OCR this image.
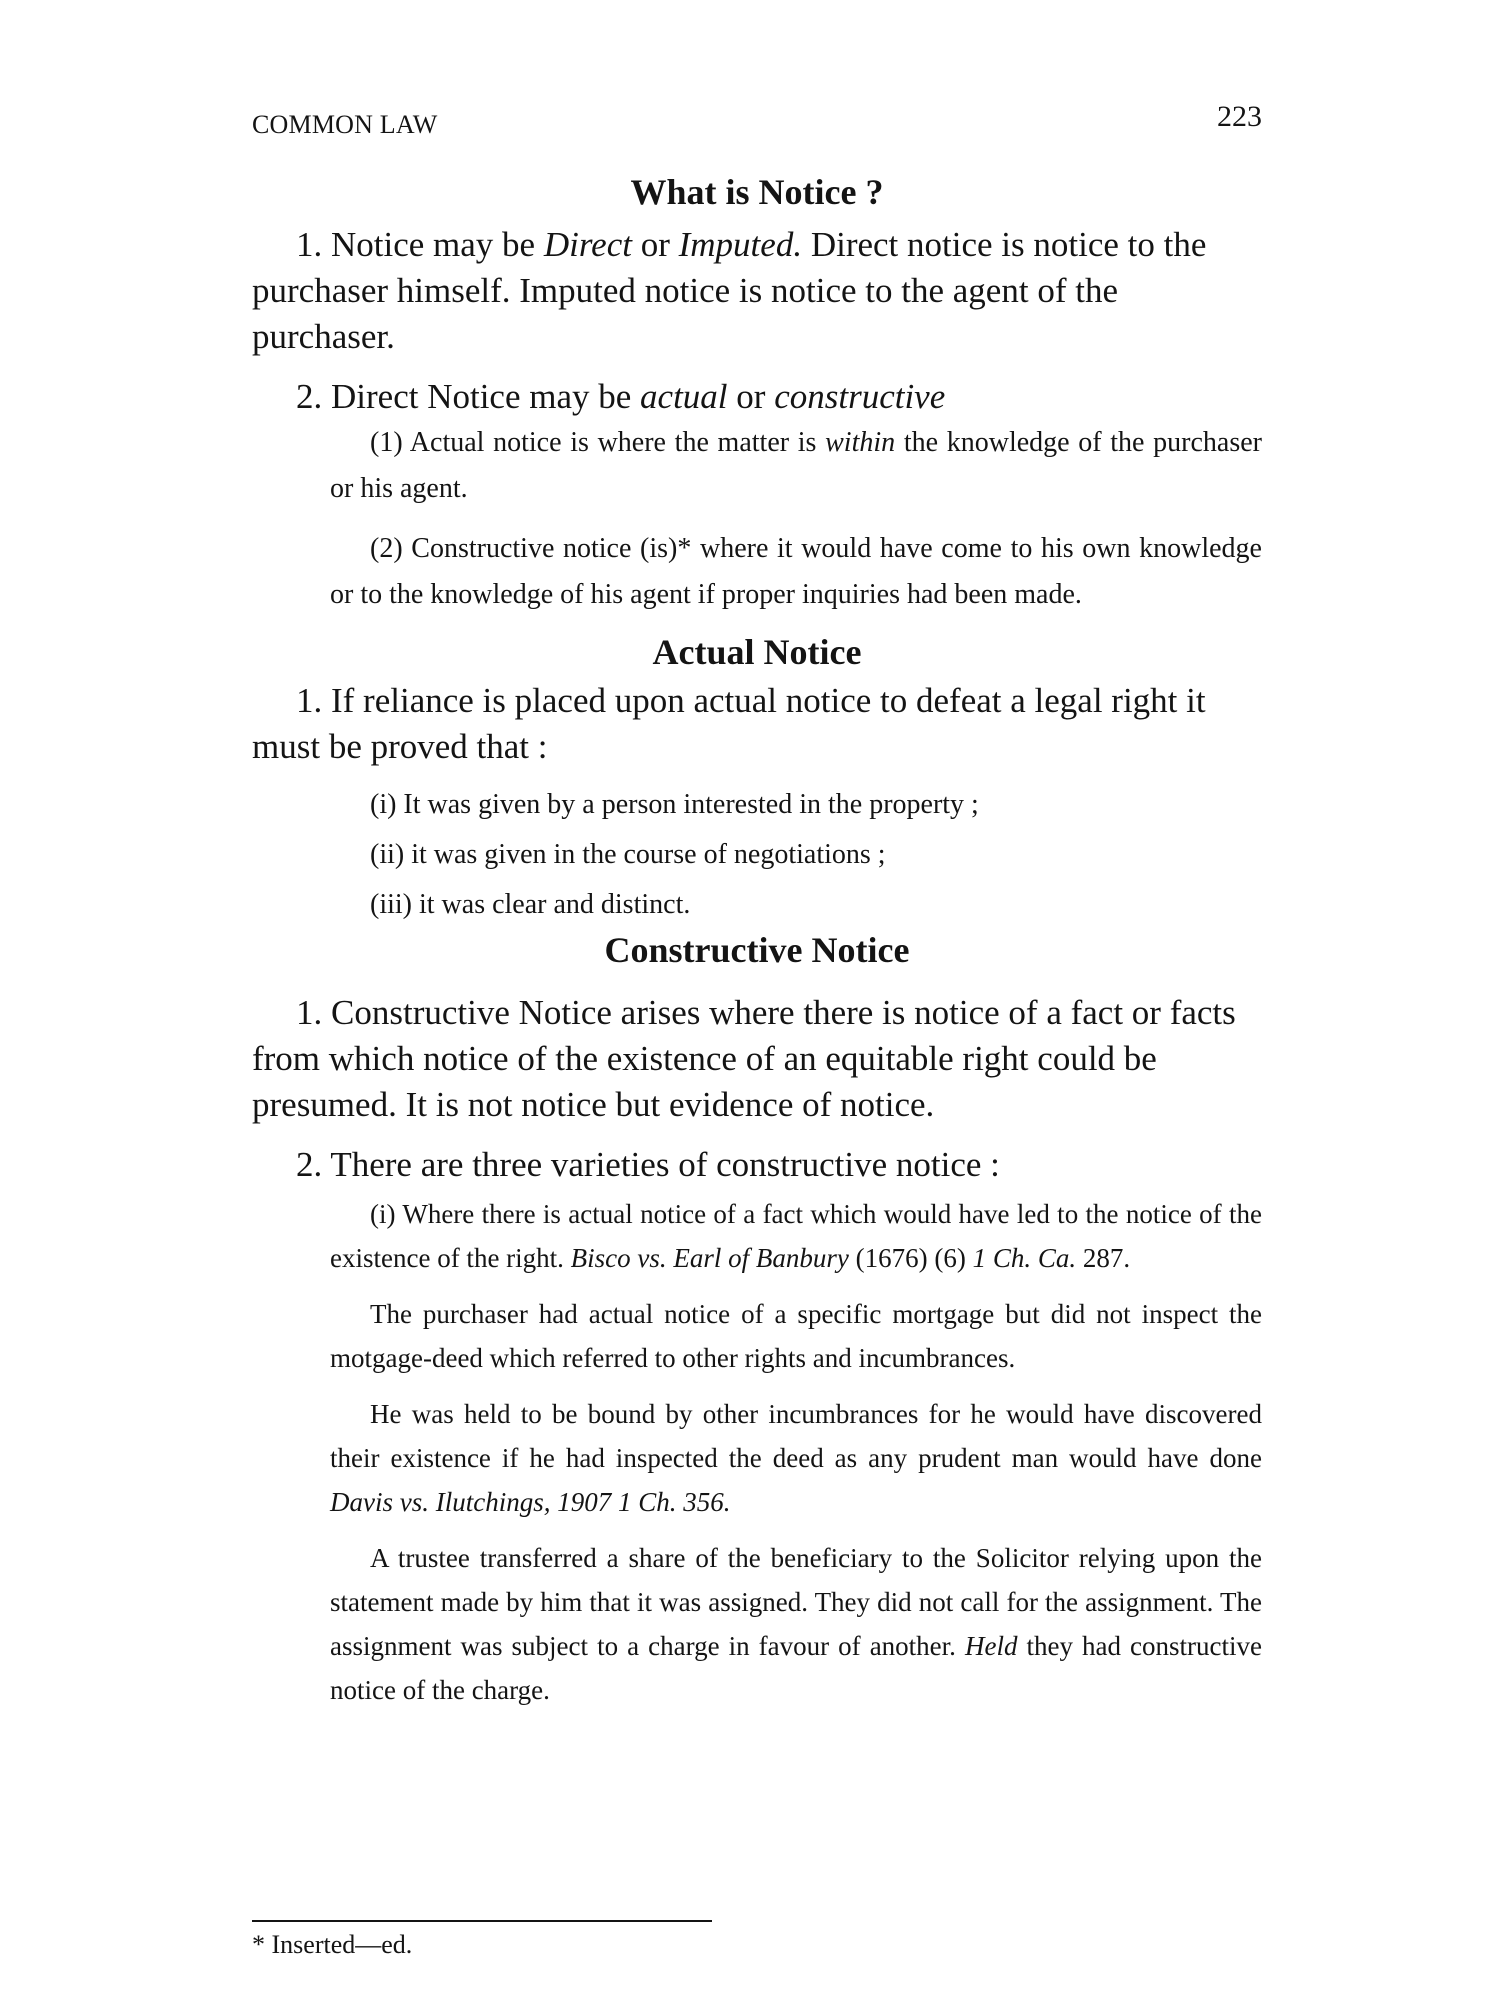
COMMON LAW	223
What is Notice ?

1. Notice may be Direct or Imputed. Direct notice is notice to the purchaser himself. Imputed notice is notice to the agent of the purchaser.

2. Direct Notice may be actual or constructive

(1) Actual notice is where the matter is within the knowledge of the purchaser or his agent.

(2) Constructive notice (is)* where it would have come to his own knowledge or to the knowledge of his agent if proper inquiries had been made.

Actual Notice

1. If reliance is placed upon actual notice to defeat a legal right it must be proved that :

(i) It was given by a person interested in the property ;

(ii) it was given in the course of negotiations ;

(iii) it was clear and distinct.

Constructive Notice

1. Constructive Notice arises where there is notice of a fact or facts from which notice of the existence of an equitable right could be presumed. It is not notice but evidence of notice.

2. There are three varieties of constructive notice :

(i) Where there is actual notice of a fact which would have led to the notice of the existence of the right. Bisco vs. Earl of Banbury (1676) (6) 1 Ch. Ca. 287.

The purchaser had actual notice of a specific mortgage but did not inspect the motgage-deed which referred to other rights and incumbrances.

He was held to be bound by other incumbrances for he would have discovered their existence if he had inspected the deed as any prudent man would have done Davis vs. Ilutchings, 1907 1 Ch. 356.

A trustee transferred a share of the beneficiary to the Solicitor relying upon the statement made by him that it was assigned. They did not call for the assignment. The assignment was subject to a charge in favour of another. Held they had constructive notice of the charge.

* Inserted—ed.
